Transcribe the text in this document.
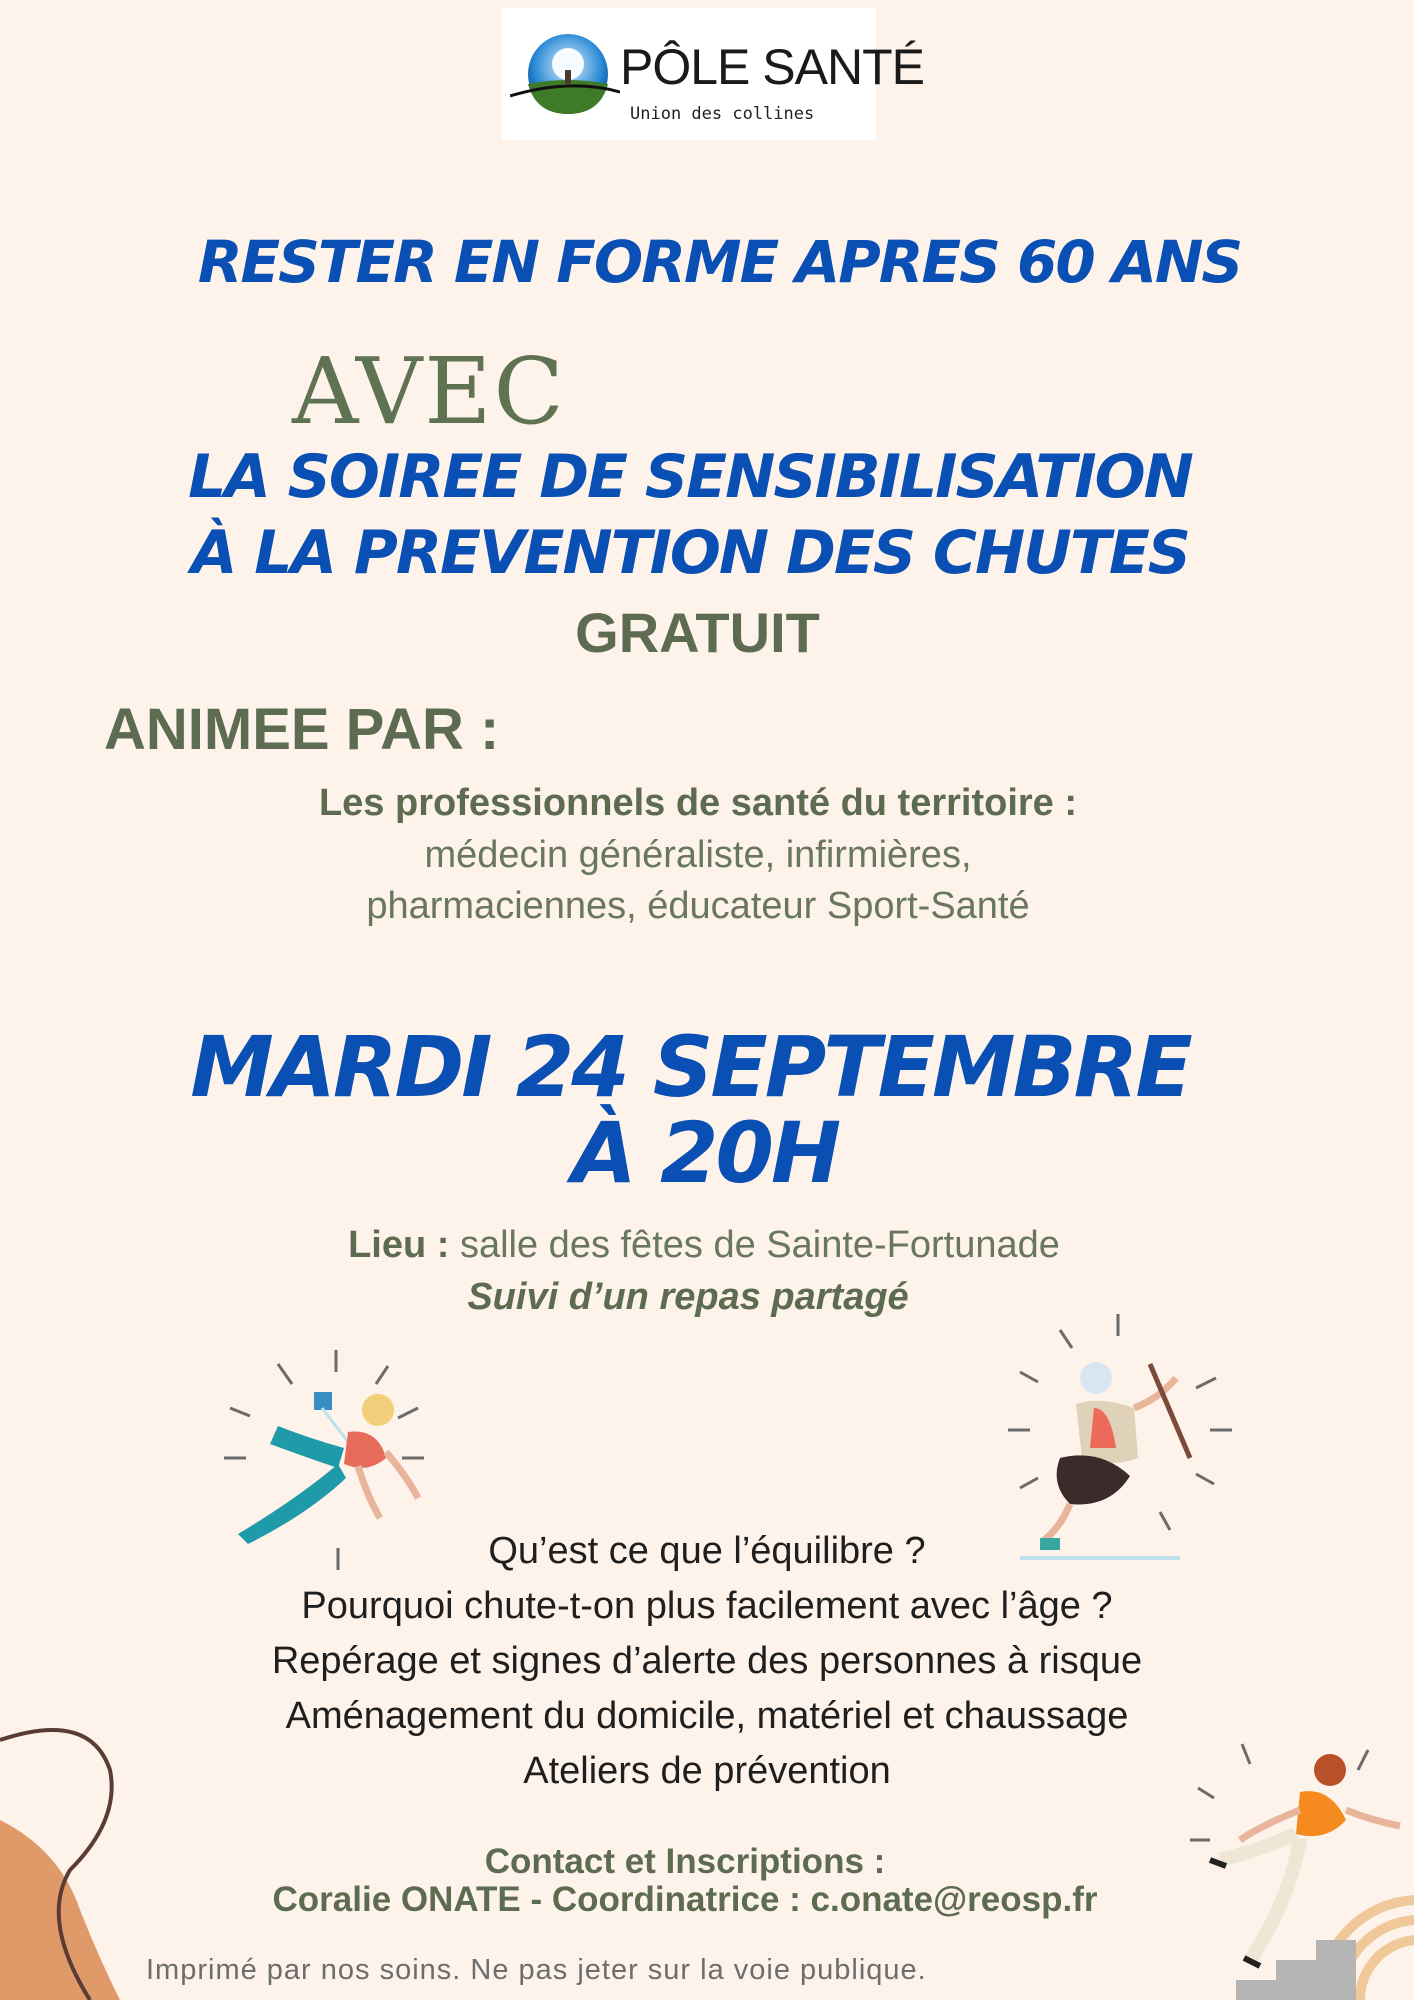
PÔLE SANTÉ
Union des collines
RESTER EN FORME APRES 60 ANS
AVEC
LA SOIREE DE SENSIBILISATION
À LA PREVENTION DES CHUTES
GRATUIT
ANIMEE PAR :
Les professionnels de santé du territoire :
médecin généraliste, infirmières,
pharmaciennes, éducateur Sport-Santé
MARDI 24 SEPTEMBRE
À 20H
Lieu : salle des fêtes de Sainte-Fortunade
Suivi d’un repas partagé
Qu’est ce que l’équilibre ?
Pourquoi chute-t-on plus facilement avec l’âge ?
Repérage et signes d’alerte des personnes à risque
Aménagement du domicile, matériel et chaussage
Ateliers de prévention
Contact et Inscriptions :
Coralie ONATE - Coordinatrice : c.onate@reosp.fr
Imprimé par nos soins. Ne pas jeter sur la voie publique.
